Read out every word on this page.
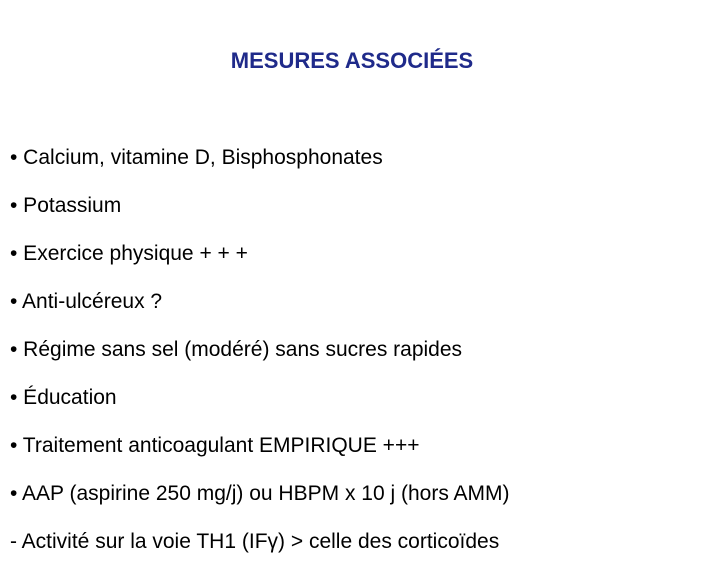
MESURES ASSOCIÉES
• Calcium, vitamine D, Bisphosphonates
• Potassium
• Exercice physique + + +
• Anti-ulcéreux ?
• Régime sans sel (modéré) sans sucres rapides
• Éducation
• Traitement anticoagulant EMPIRIQUE +++
• AAP (aspirine 250 mg/j) ou HBPM x 10 j (hors AMM)
- Activité sur la voie TH1 (IFγ) > celle des corticoïdes
